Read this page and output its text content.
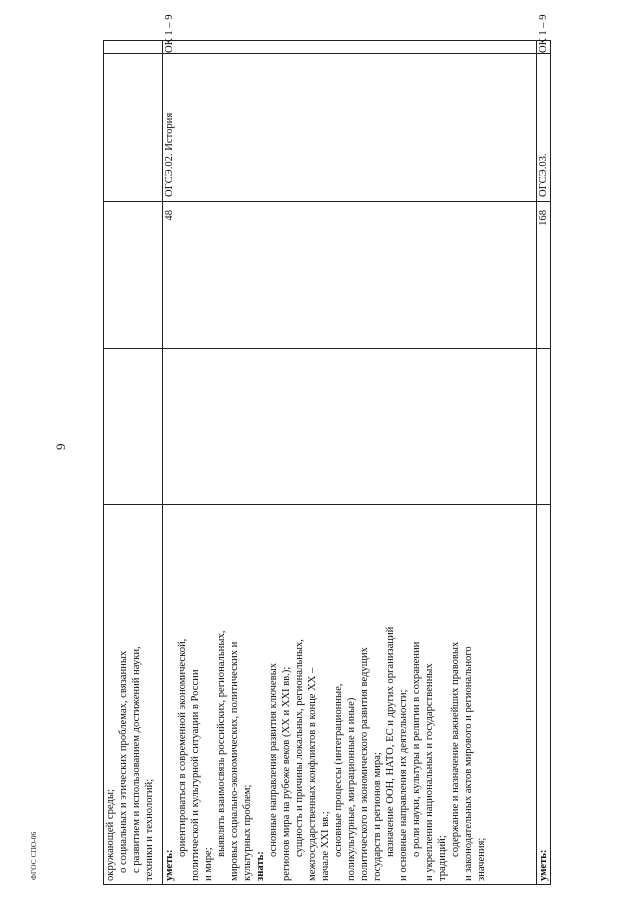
9
окружающей среды; о социальных и этических проблемах, связанных с развитием и использованием достижений науки, техники и технологий; уметь:
ориентироваться в современной экономической, политической и культурной ситуации в России и мире;
выявлять взаимосвязь российских, региональных, мировых социально-экономических, политических и культурных проблем; знать:
основные направления развития ключевых регионов мира на рубеже веков (XX и XXI вв.); сущность и причины локальных, региональных, межгосударственных конфликтов в конце XX – начале XXI вв.; основные процессы (интеграционные, поликультурные, миграционные и иные) политического и экономического развития ведущих государств и регионов мира; назначение ООН, НАТО, ЕС и других организаций и основные направления их деятельности; о роли науки, культуры и религии в сохранении и укреплении национальных и государственных традиций;
содержание и назначение важнейших правовых и законодательных актов мирового и регионального значения;
48
ОГСЭ.02. История
ОК 1 – 9
уметь:
168
ОГСЭ.03.
ОК 1 – 9
ФГОС СПО-06
